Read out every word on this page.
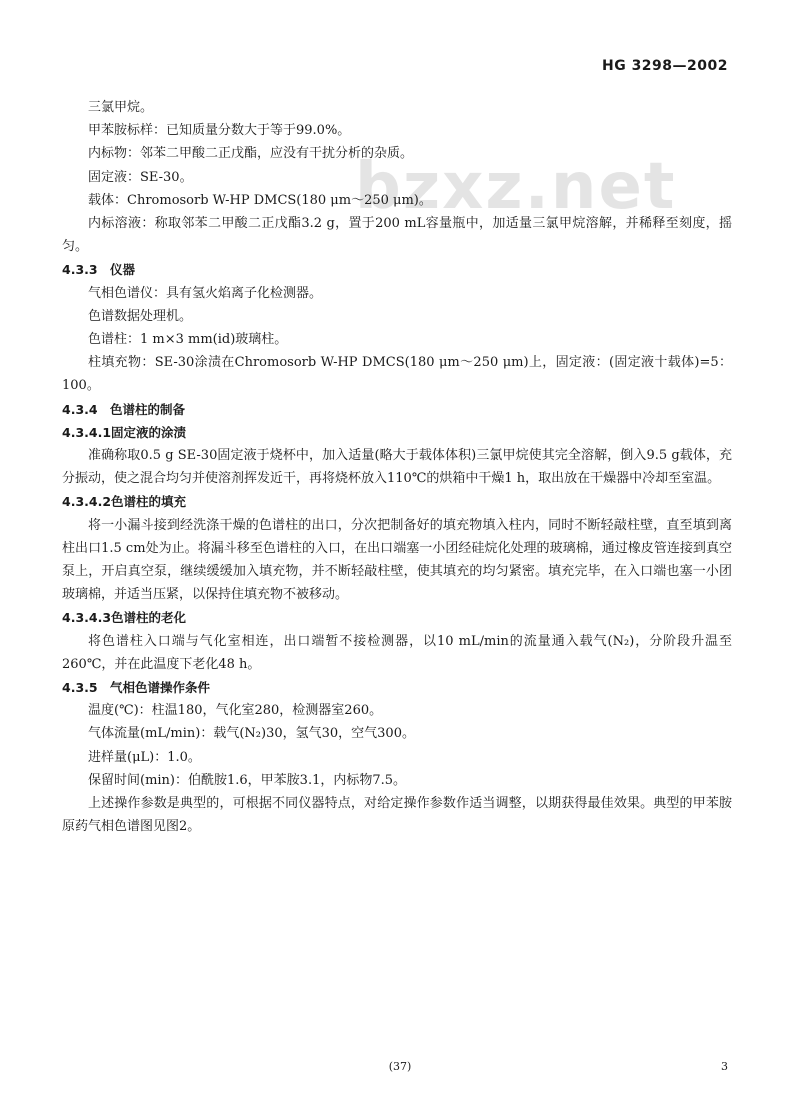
HG 3298—2002
bzxz.net
三氯甲烷。
甲苯胺标样：已知质量分数大于等于99.0%。
内标物：邻苯二甲酸二正戊酯，应没有干扰分析的杂质。
固定液：SE-30。
载体：Chromosorb W-HP DMCS(180 μm～250 μm)。
内标溶液：称取邻苯二甲酸二正戊酯3.2 g，置于200 mL容量瓶中，加适量三氯甲烷溶解，并稀释至刻度，摇匀。
4.3.3 仪器
气相色谱仪：具有氢火焰离子化检测器。
色谱数据处理机。
色谱柱：1 m×3 mm(id)玻璃柱。
柱填充物：SE-30涂渍在Chromosorb W-HP DMCS(180 μm～250 μm)上，固定液：(固定液十载体)=5：100。
4.3.4 色谱柱的制备
4.3.4.1固定液的涂渍
准确称取0.5 g SE-30固定液于烧杯中，加入适量(略大于载体体积)三氯甲烷使其完全溶解，倒入9.5 g载体，充分振动，使之混合均匀并使溶剂挥发近干，再将烧杯放入110℃的烘箱中干燥1 h，取出放在干燥器中冷却至室温。
4.3.4.2色谱柱的填充
将一小漏斗接到经洗涤干燥的色谱柱的出口，分次把制备好的填充物填入柱内，同时不断轻敲柱壁，直至填到离柱出口1.5 cm处为止。将漏斗移至色谱柱的入口，在出口端塞一小团经硅烷化处理的玻璃棉，通过橡皮管连接到真空泵上，开启真空泵，继续缓缓加入填充物，并不断轻敲柱壁，使其填充的均匀紧密。填充完毕，在入口端也塞一小团玻璃棉，并适当压紧，以保持住填充物不被移动。
4.3.4.3色谱柱的老化
将色谱柱入口端与气化室相连，出口端暂不接检测器，以10 mL/min的流量通入载气(N₂)，分阶段升温至260℃，并在此温度下老化48 h。
4.3.5 气相色谱操作条件
温度(℃)：柱温180，气化室280，检测器室260。
气体流量(mL/min)：载气(N₂)30，氢气30，空气300。
进样量(μL)：1.0。
保留时间(min)：伯酰胺1.6，甲苯胺3.1，内标物7.5。
上述操作参数是典型的，可根据不同仪器特点，对给定操作参数作适当调整，以期获得最佳效果。典型的甲苯胺原药气相色谱图见图2。
(37)	3
